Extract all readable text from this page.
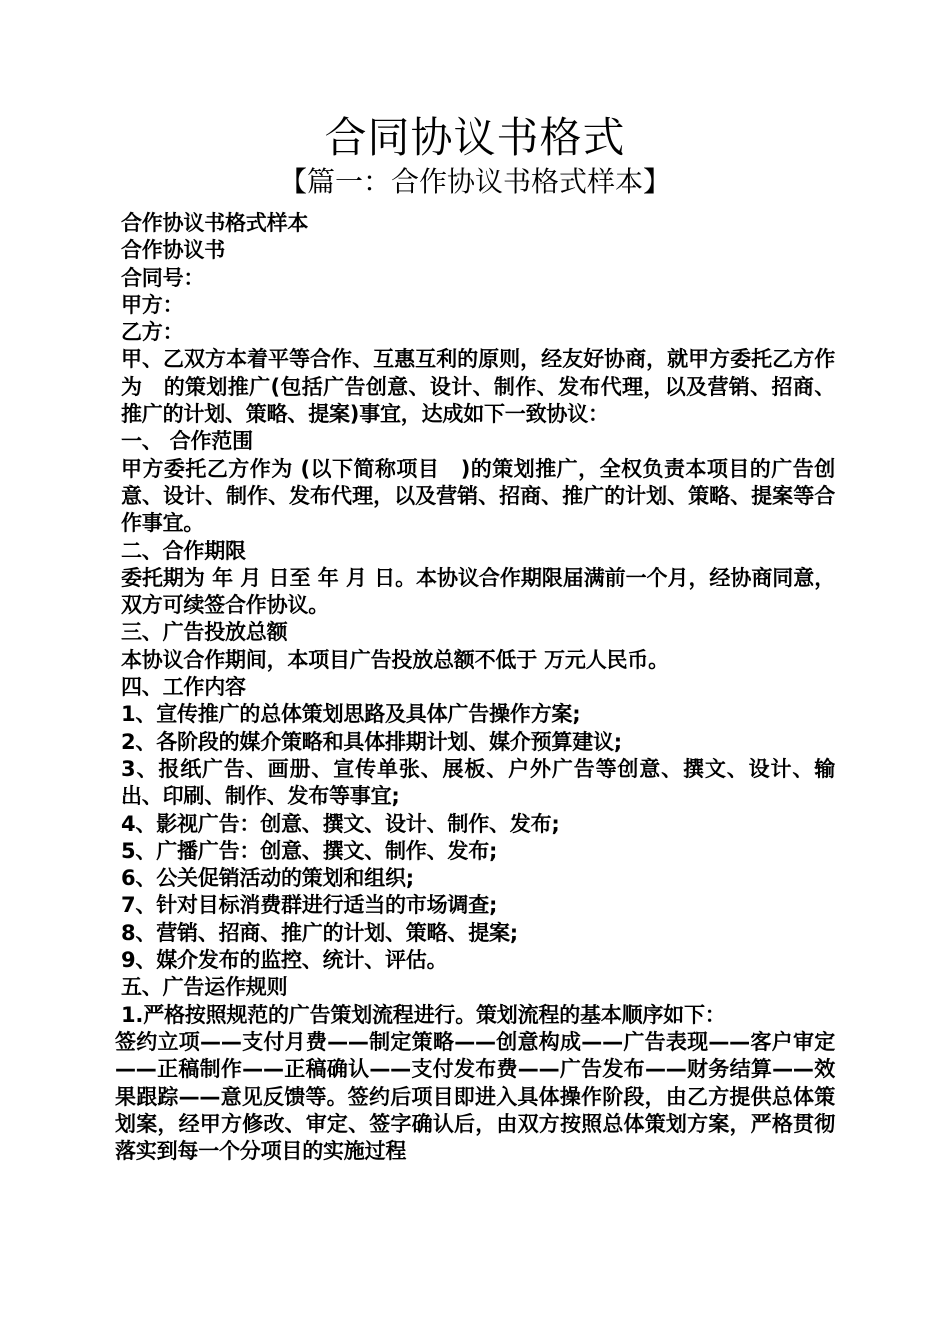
合同协议书格式
【篇一：合作协议书格式样本】

合作协议书格式样本

合作协议书

合同号：

甲方：

乙方：

甲、乙双方本着平等合作、互惠互利的原则，经友好协商，就甲方委托乙方作为　的策划推广(包括广告创意、设计、制作、发布代理，以及营销、招商、推广的计划、策略、提案)事宜，达成如下一致协议：

一、 合作范围

甲方委托乙方作为 (以下简称项目　)的策划推广，全权负责本项目的广告创意、设计、制作、发布代理，以及营销、招商、推广的计划、策略、提案等合作事宜。

二、合作期限

委托期为 年 月 日至 年 月 日。本协议合作期限届满前一个月，经协商同意，双方可续签合作协议。

三、广告投放总额

本协议合作期间，本项目广告投放总额不低于 万元人民币。

四、工作内容

1、宣传推广的总体策划思路及具体广告操作方案;

2、各阶段的媒介策略和具体排期计划、媒介预算建议;

3、报纸广告、画册、宣传单张、展板、户外广告等创意、撰文、设计、输出、印刷、制作、发布等事宜;

4、影视广告：创意、撰文、设计、制作、发布;

5、广播广告：创意、撰文、制作、发布;

6、公关促销活动的策划和组织;

7、针对目标消费群进行适当的市场调查;

8、营销、招商、推广的计划、策略、提案;

9、媒介发布的监控、统计、评估。

五、广告运作规则

1.严格按照规范的广告策划流程进行。策划流程的基本顺序如下：

签约立项——支付月费——制定策略——创意构成——广告表现——客户审定——正稿制作——正稿确认——支付发布费——广告发布——财务结算——效果跟踪——意见反馈等。签约后项目即进入具体操作阶段，由乙方提供总体策划案，经甲方修改、审定、签字确认后，由双方按照总体策划方案，严格贯彻落实到每一个分项目的实施过程
